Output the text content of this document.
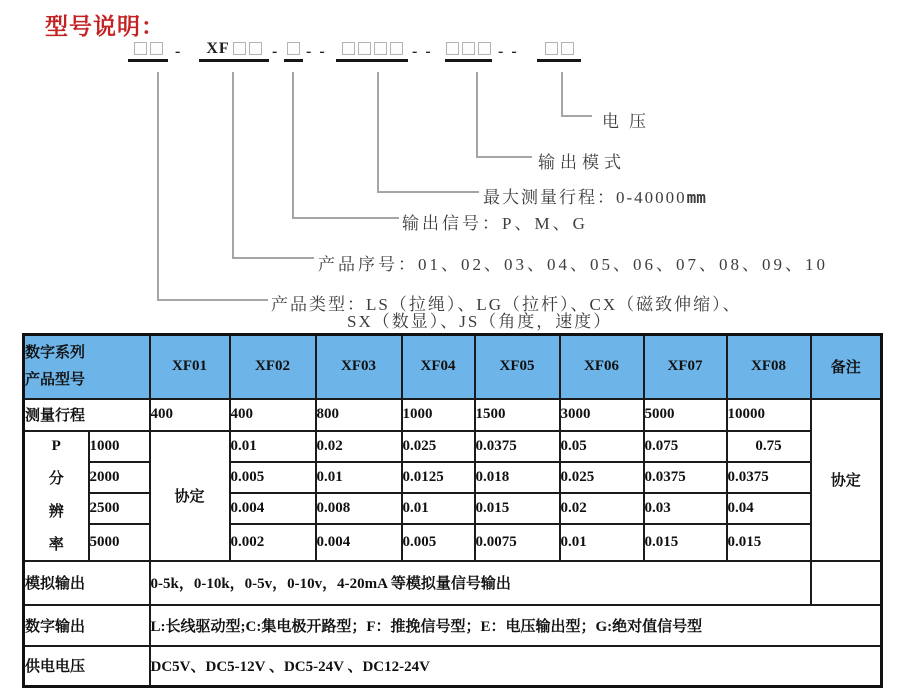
型号说明：
- XF	- - -	- -	- -
电压
输出模式
最大测量行程：0-40000mm
输出信号：P、M、G
产品序号：01、02、03、04、05、06、07、08、09、10
产品类型：LS（拉绳）、LG（拉杆）、CX（磁致伸缩）、
SX（数显）、JS（角度，速度）
数字系列
产品型号		XF01	XF02	XF03	XF04	XF05	XF06	XF07	XF08	备注
测量行程		400	400	800	1000	1500	3000	5000	10000	协定

P
分
辨
率	1000	协定	0.01	0.02	0.025	0.0375	0.05	0.075	0.75	
	2000		0.005	0.01	0.0125	0.018	0.025	0.0375	0.0375	
	2500		0.004	0.008	0.01	0.015	0.02	0.03	0.04	
	5000		0.002	0.004	0.005	0.0075	0.01	0.015	0.015	
模拟输出		0-5k，0-10k，0-5v，0-10v，4-20mA 等模拟量信号输出								
数字输出		L:长线驱动型;C:集电极开路型；F：推挽信号型；E：电压输出型；G:绝对值信号型								
供电电压		DC5V、DC5-12V 、DC5-24V 、DC12-24V								
